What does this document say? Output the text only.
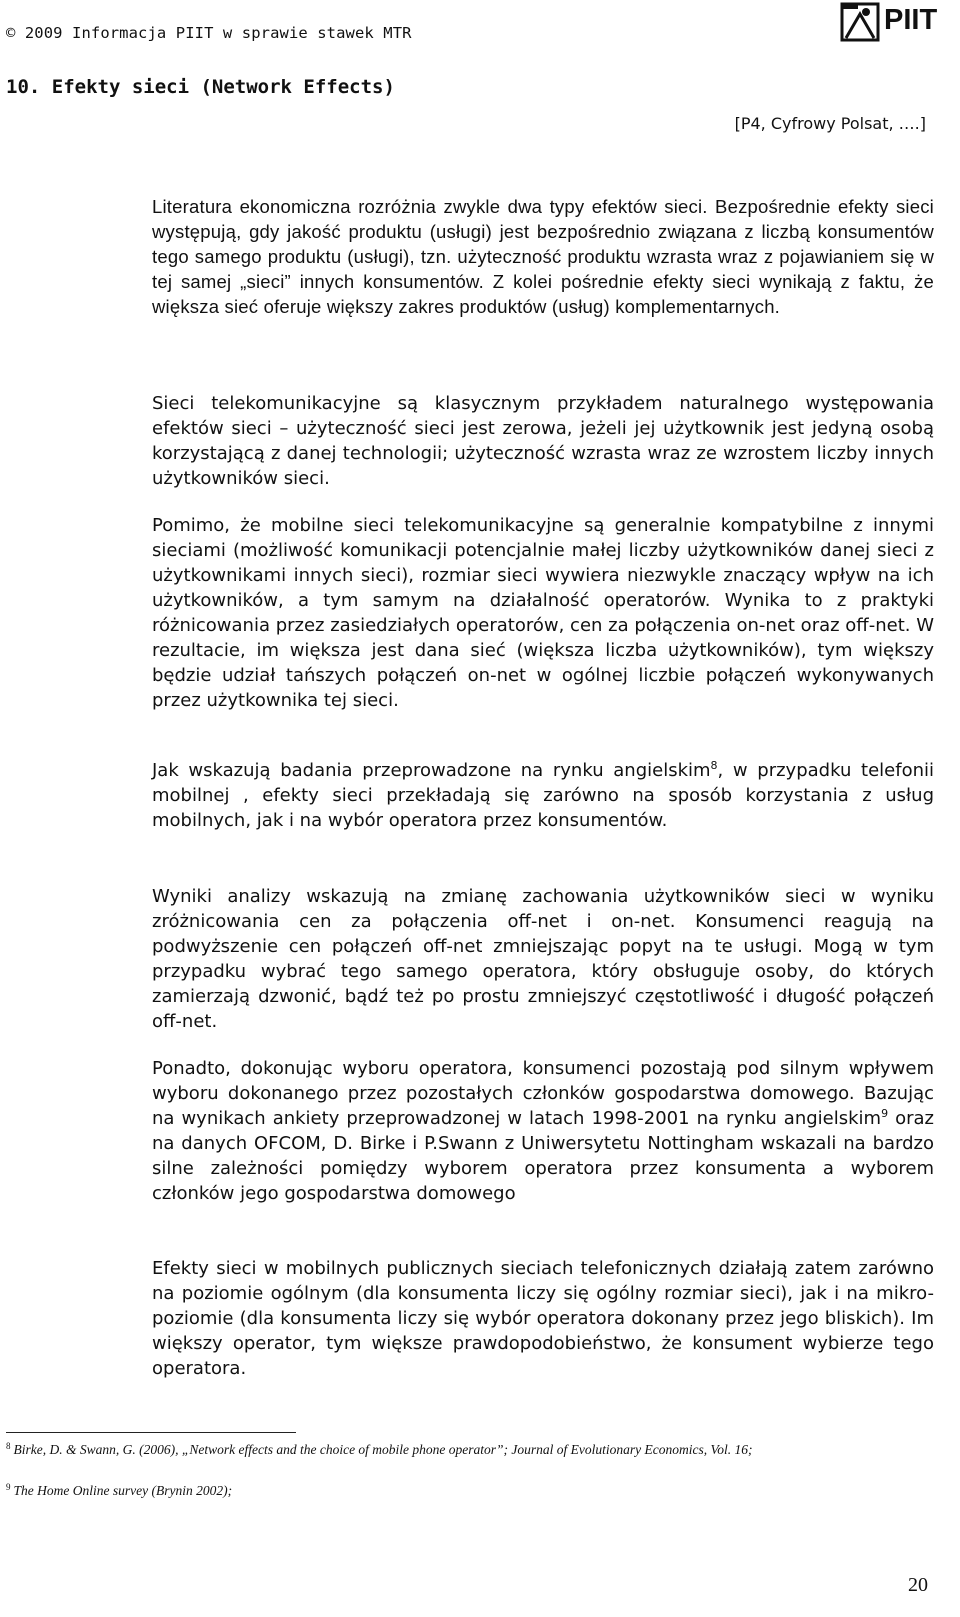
© 2009 Informacja PIIT w sprawie stawek MTR	PIIT
10. Efekty sieci (Network Effects)
[P4, Cyfrowy Polsat, ….]

Literatura ekonomiczna rozróżnia zwykle dwa typy efektów sieci. Bezpośrednie efekty sieci występują, gdy jakość produktu (usługi) jest bezpośrednio związana z liczbą konsumentów tego samego produktu (usługi), tzn. użyteczność produktu wzrasta wraz z pojawianiem się w tej samej „sieci” innych konsumentów. Z kolei pośrednie efekty sieci wynikają z faktu, że większa sieć oferuje większy zakres produktów (usług) komplementarnych.

Sieci telekomunikacyjne są klasycznym przykładem naturalnego występowania efektów sieci – użyteczność sieci jest zerowa, jeżeli jej użytkownik jest jedyną osobą korzystającą z danej technologii; użyteczność wzrasta wraz ze wzrostem liczby innych użytkowników sieci.

Pomimo, że mobilne sieci telekomunikacyjne są generalnie kompatybilne z innymi sieciami (możliwość komunikacji potencjalnie małej liczby użytkowników danej sieci z użytkownikami innych sieci), rozmiar sieci wywiera niezwykle znaczący wpływ na ich użytkowników, a tym samym na działalność operatorów. Wynika to z praktyki różnicowania przez zasiedziałych operatorów, cen za połączenia on-net oraz off-net. W rezultacie, im większa jest dana sieć (większa liczba użytkowników), tym większy będzie udział tańszych połączeń on-net w ogólnej liczbie połączeń wykonywanych przez użytkownika tej sieci.

Jak wskazują badania przeprowadzone na rynku angielskim$^8$, w przypadku telefonii mobilnej , efekty sieci przekładają się zarówno na sposób korzystania z usług mobilnych, jak i na wybór operatora przez konsumentów.

Wyniki analizy wskazują na zmianę zachowania użytkowników sieci w wyniku zróżnicowania cen za połączenia off-net i on-net. Konsumenci reagują na podwyższenie cen połączeń off-net zmniejszając popyt na te usługi. Mogą w tym przypadku wybrać tego samego operatora, który obsługuje osoby, do których zamierzają dzwonić, bądź też po prostu zmniejszyć częstotliwość i długość połączeń off-net.

Ponadto, dokonując wyboru operatora, konsumenci pozostają pod silnym wpływem wyboru dokonanego przez pozostałych członków gospodarstwa domowego. Bazując na wynikach ankiety przeprowadzonej w latach 1998-2001 na rynku angielskim$^9$ oraz na danych OFCOM, D. Birke i P.Swann z Uniwersytetu Nottingham wskazali na bardzo silne zależności pomiędzy wyborem operatora przez konsumenta a wyborem członków jego gospodarstwa domowego

Efekty sieci w mobilnych publicznych sieciach telefonicznych działają zatem zarówno na poziomie ogólnym (dla konsumenta liczy się ogólny rozmiar sieci), jak i na mikro-poziomie (dla konsumenta liczy się wybór operatora dokonany przez jego bliskich). Im większy operator, tym większe prawdopodobieństwo, że konsument wybierze tego operatora.

$^8$ Birke, D. & Swann, G. (2006), „Network effects and the choice of mobile phone operator”; Journal of Evolutionary Economics, Vol. 16;
$^9$ The Home Online survey (Brynin 2002);
20
